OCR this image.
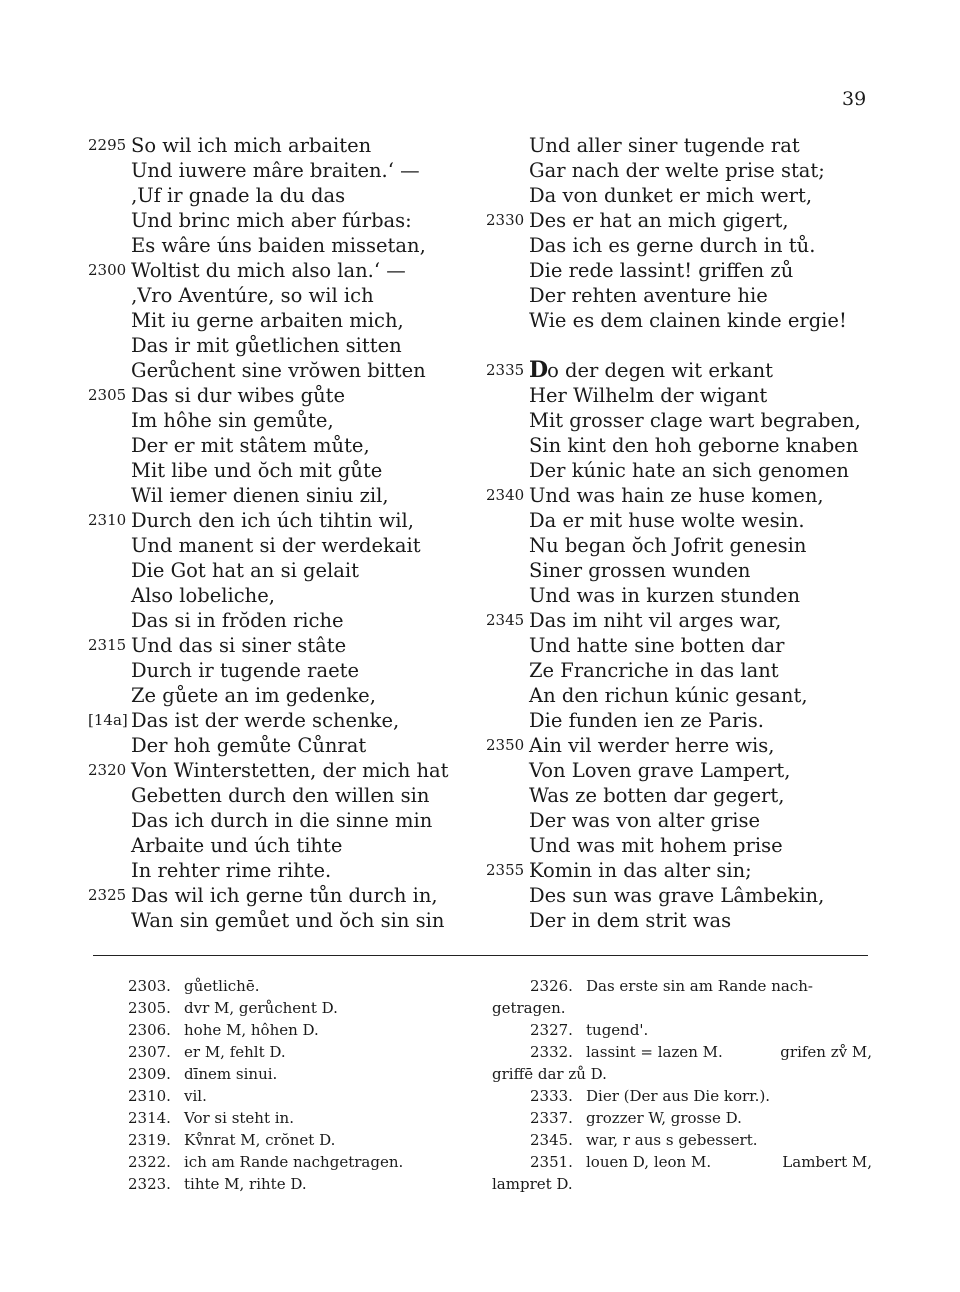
39
2295 So wil ich mich arbaiten
Und iuwere mâre braiten.‘ —
‚Uf ir gnade la du das
Und brinc mich aber fúrbas:
Es wâre úns baiden missetan,
2300 Woltist du mich also lan.‘ —
‚Vro Aventúre, so wil ich
Mit iu gerne arbaiten mich,
Das ir mit gůetlichen sitten
Gerůchent sine vrŏwen bitten
2305 Das si dur wibes gůte
Im hôhe sin gemůte,
Der er mit stâtem můte,
Mit libe und ŏch mit gůte
Wil iemer dienen siniu zil,
2310 Durch den ich úch tihtin wil,
Und manent si der werdekait
Die Got hat an si gelait
Also lobeliche,
Das si in frŏden riche
2315 Und das si siner stâte
Durch ir tugende raete
Ze gůete an im gedenke,
[14a] Das ist der werde schenke,
Der hoh gemůte Cůnrat
2320 Von Winterstetten, der mich hat
Gebetten durch den willen sin
Das ich durch in die sinne min
Arbaite und úch tihte
In rehter rime rihte.
2325 Das wil ich gerne tůn durch in,
Wan sin gemůet und ŏch sin sin
Und aller siner tugende rat
Gar nach der welte prise stat;
Da von dunket er mich wert,
2330 Des er hat an mich gigert,
Das ich es gerne durch in tů.
Die rede lassint! griffen zů
Der rehten aventure hie
Wie es dem clainen kinde ergie!
2335 Do der degen wit erkant
Her Wilhelm der wigant
Mit grosser clage wart begraben,
Sin kint den hoh geborne knaben
Der kúnic hate an sich genomen
2340 Und was hain ze huse komen,
Da er mit huse wolte wesin.
Nu began ŏch Jofrit genesin
Siner grossen wunden
Und was in kurzen stunden
2345 Das im niht vil arges war,
Und hatte sine botten dar
Ze Francriche in das lant
An den richun kúnic gesant,
Die funden ien ze Paris.
2350 Ain vil werder herre wis,
Von Loven grave Lampert,
Was ze botten dar gegert,
Der was von alter grise
Und was mit hohem prise
2355 Komin in das alter sin;
Des sun was grave Lâmbekin,
Der in dem strit was
2303. gůetlichē.
2305. dvr M, gerůchent D.
2306. hohe M, hôhen D.
2307. er M, fehlt D.
2309. dīnem sinui.
2310. vil.
2314. Vor si steht in.
2319. Kv̊nrat M, crŏnet D.
2322. ich am Rande nachgetragen.
2323. tihte M, rihte D.
2326. Das erste sin am Rande nach-
getragen.
2327. tugend'.
2332. lassint = lazen M.	grifen zv̊ M,
griffē dar zů D.
2333. Dier (Der aus Die korr.).
2337. grozzer W, grosse D.
2345. war, r aus s gebessert.
2351. louen D, leon M.	Lambert M,
lampret D.
